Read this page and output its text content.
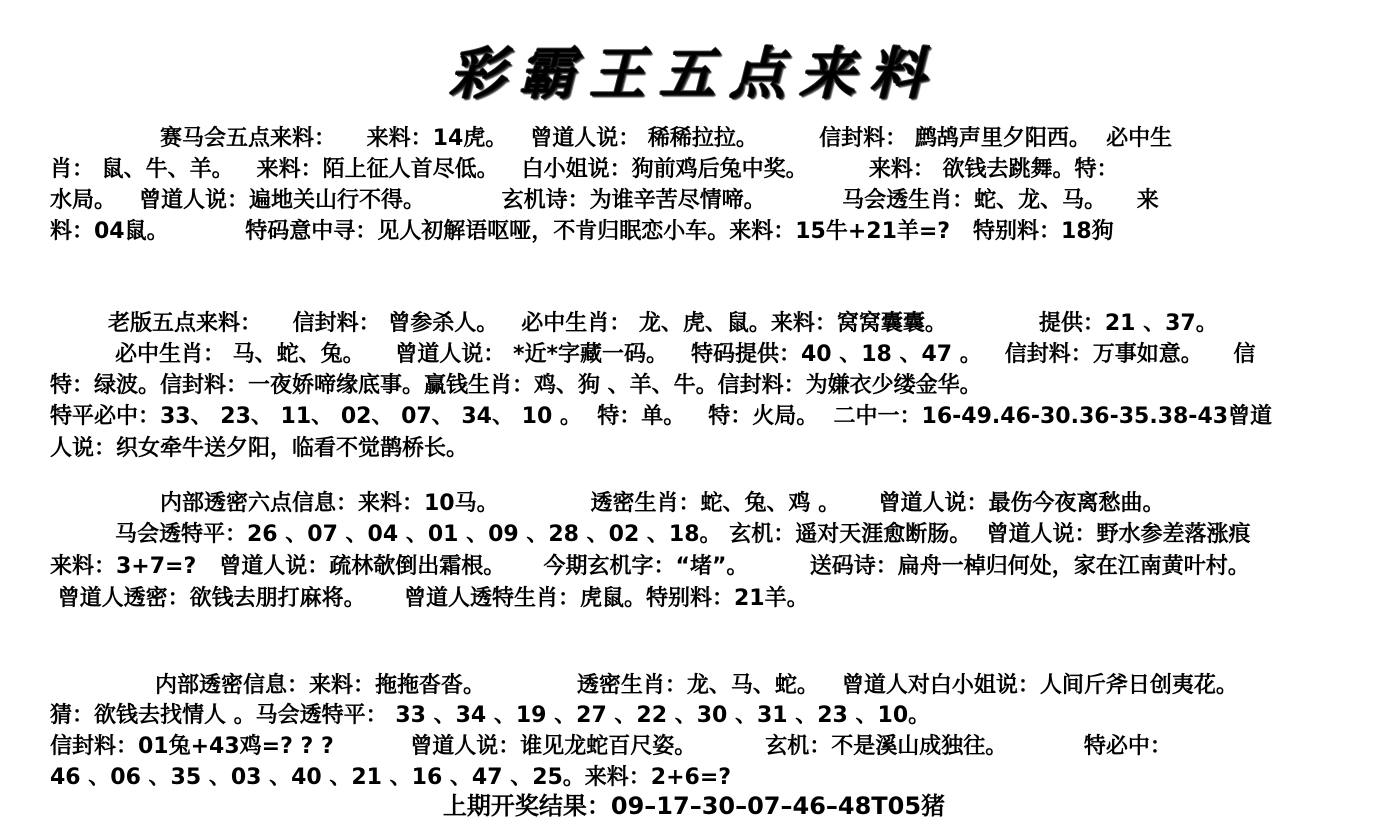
彩霸王五点来料
赛马会五点来料：    来料：14虎。   曾道人说： 稀稀拉拉。        信封料： 鹧鸪声里夕阳西。  必中生
肖： 鼠、牛、羊。   来料：陌上征人首尽低。   白小姐说：狗前鸡后兔中奖。        来料： 欲钱去跳舞。特：
水局。   曾道人说：遍地关山行不得。          玄机诗：为谁辛苦尽情啼。          马会透生肖：蛇、龙、马。    来
料：04鼠。          特码意中寻：见人初解语呕哑，不肯归眠恋小车。来料：15牛+21羊=?   特别料：18狗
老版五点来料：    信封料： 曾参杀人。   必中生肖： 龙、虎、鼠。来料：窝窝囊囊。            提供：21 、37。
必中生肖： 马、蛇、兔。    曾道人说： *近*字藏一码。   特码提供：40 、18 、47 。   信封料：万事如意。    信
特：绿波。信封料：一夜娇啼缘底事。赢钱生肖：鸡、狗 、羊、牛。信封料：为嫌衣少缕金华。
特平必中：33、 23、 11、 02、 07、 34、 10 。  特：单。   特：火局。  二中一：16-49.46-30.36-35.38-43曾道
人说：织女牵牛送夕阳，临看不觉鹊桥长。
内部透密六点信息：来料：10马。            透密生肖：蛇、兔、鸡 。     曾道人说：最伤今夜离愁曲。
马会透特平：26 、07 、04 、01 、09 、28 、02 、18。 玄机：遥对天涯愈断肠。  曾道人说：野水参差落涨痕
来料：3+7=?   曾道人说：疏林欹倒出霜根。     今期玄机字：“堵”。        送码诗：扁舟一棹归何处，家在江南黄叶村。
曾道人透密：欲钱去朋打麻将。     曾道人透特生肖：虎鼠。特别料：21羊。
内部透密信息：来料：拖拖沓沓。            透密生肖：龙、马、蛇。   曾道人对白小姐说：人间斤斧日创夷花。
猜：欲钱去找情人 。马会透特平： 33 、34 、19 、27 、22 、30 、31 、23 、10。
信封料：01兔+43鸡=? ? ?          曾道人说：谁见龙蛇百尺姿。         玄机：不是溪山成独往。          特必中：
46 、06 、35 、03 、40 、21 、16 、47 、25。来料：2+6=?
上期开奖结果：09–17–30–07–46–48T05猪
